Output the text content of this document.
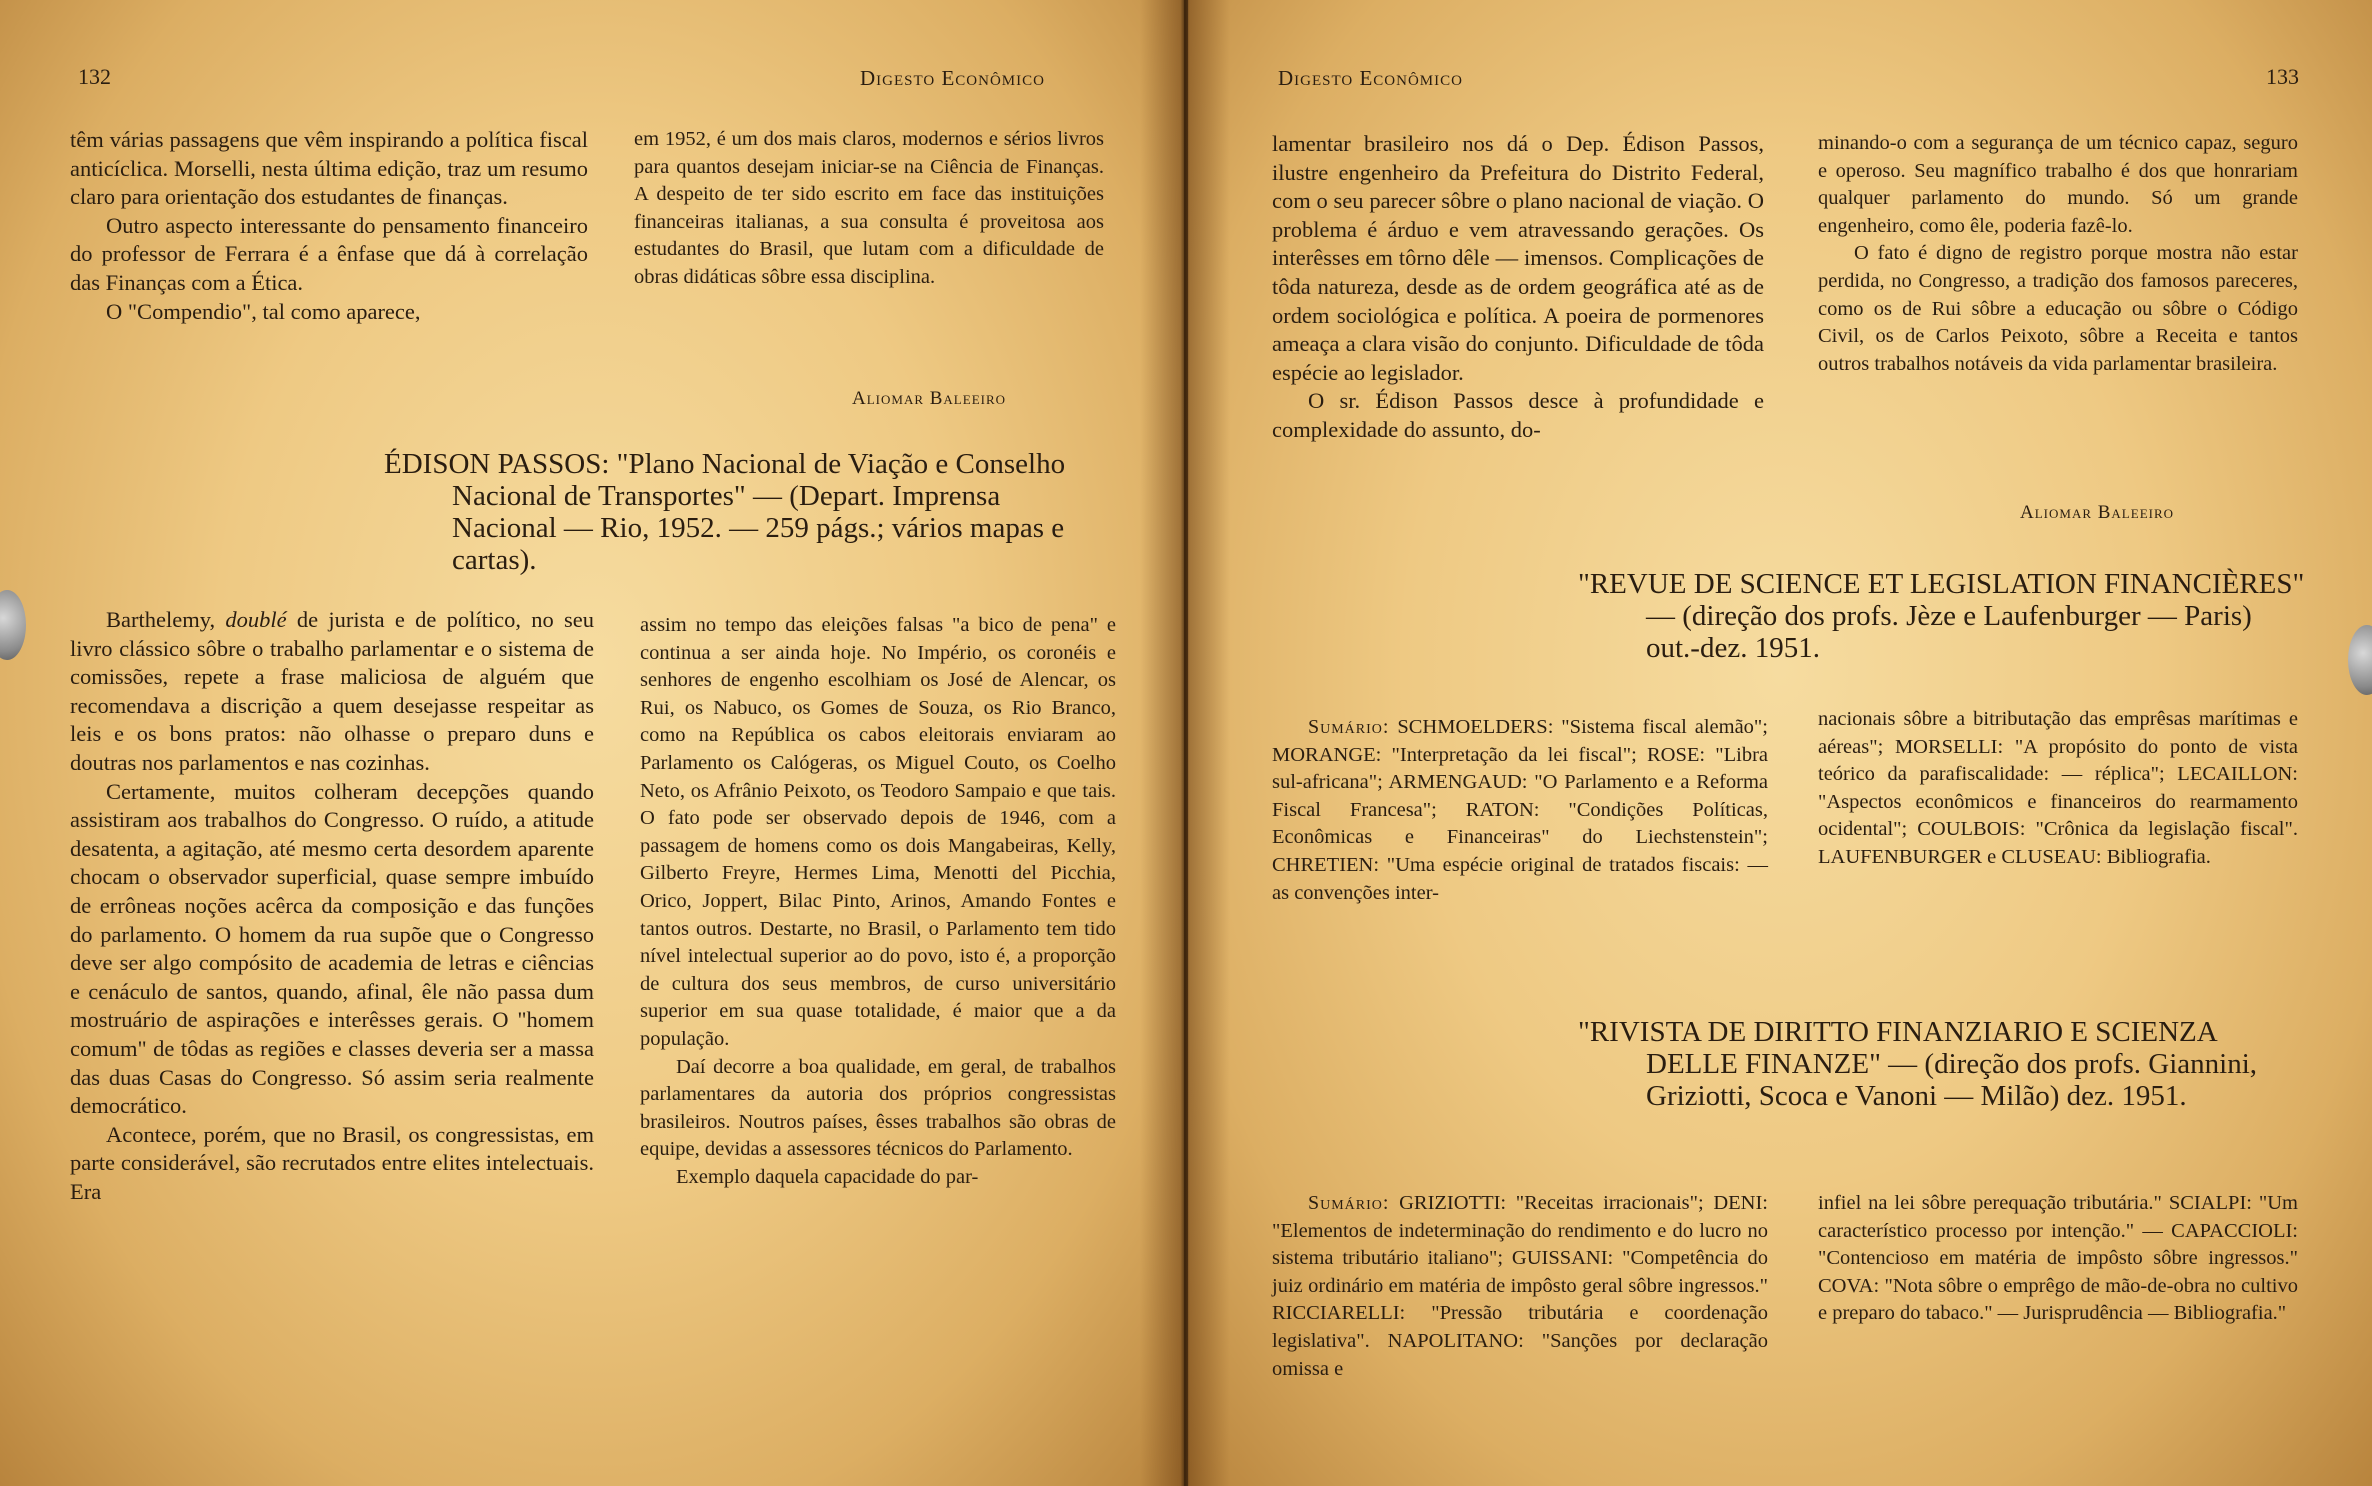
132	Digesto Econômico

têm várias passagens que vêm inspirando a política fiscal anticíclica. Morselli, nesta última edição, traz um resumo claro para orientação dos estudantes de finanças.

Outro aspecto interessante do pensamento financeiro do professor de Ferrara é a ênfase que dá à correlação das Finanças com a Ética.

O "Compendio", tal como aparece,

em 1952, é um dos mais claros, modernos e sérios livros para quantos desejam iniciar-se na Ciência de Finanças. A despeito de ter sido escrito em face das instituições financeiras italianas, a sua consulta é proveitosa aos estudantes do Brasil, que lutam com a dificuldade de obras didáticas sôbre essa disciplina.

Aliomar Baleeiro
ÉDISON PASSOS: "Plano Nacional de Viação e Conselho Nacional de Transportes" — (Depart. Imprensa Nacional — Rio, 1952. — 259 págs.; vários mapas e cartas).

Barthelemy, doublé de jurista e de político, no seu livro clássico sôbre o trabalho parlamentar e o sistema de comissões, repete a frase maliciosa de alguém que recomendava a discrição a quem desejasse respeitar as leis e os bons pratos: não olhasse o preparo duns e doutras nos parlamentos e nas cozinhas.

Certamente, muitos colheram decepções quando assistiram aos trabalhos do Congresso. O ruído, a atitude desatenta, a agitação, até mesmo certa desordem aparente chocam o observador superficial, quase sempre imbuído de errôneas noções acêrca da composição e das funções do parlamento. O homem da rua supõe que o Congresso deve ser algo compósito de academia de letras e ciências e cenáculo de santos, quando, afinal, êle não passa dum mostruário de aspirações e interêsses gerais. O "homem comum" de tôdas as regiões e classes deveria ser a massa das duas Casas do Congresso. Só assim seria realmente democrático.

Acontece, porém, que no Brasil, os congressistas, em parte considerável, são recrutados entre elites intelectuais. Era

assim no tempo das eleições falsas "a bico de pena" e continua a ser ainda hoje. No Império, os coronéis e senhores de engenho escolhiam os José de Alencar, os Rui, os Nabuco, os Gomes de Souza, os Rio Branco, como na República os cabos eleitorais enviaram ao Parlamento os Calógeras, os Miguel Couto, os Coelho Neto, os Afrânio Peixoto, os Teodoro Sampaio e que tais. O fato pode ser observado depois de 1946, com a passagem de homens como os dois Mangabeiras, Kelly, Gilberto Freyre, Hermes Lima, Menotti del Picchia, Orico, Joppert, Bilac Pinto, Arinos, Amando Fontes e tantos outros. Destarte, no Brasil, o Parlamento tem tido nível intelectual superior ao do povo, isto é, a proporção de cultura dos seus membros, de curso universitário superior em sua quase totalidade, é maior que a da população.

Daí decorre a boa qualidade, em geral, de trabalhos parlamentares da autoria dos próprios congressistas brasileiros. Noutros países, êsses trabalhos são obras de equipe, devidas a assessores técnicos do Parlamento.

Exemplo daquela capacidade do par-

Digesto Econômico	133

lamentar brasileiro nos dá o Dep. Édison Passos, ilustre engenheiro da Prefeitura do Distrito Federal, com o seu parecer sôbre o plano nacional de viação. O problema é árduo e vem atravessando gerações. Os interêsses em tôrno dêle — imensos. Complicações de tôda natureza, desde as de ordem geográfica até as de ordem sociológica e política. A poeira de pormenores ameaça a clara visão do conjunto. Dificuldade de tôda espécie ao legislador.

O sr. Édison Passos desce à profundidade e complexidade do assunto, do-

minando-o com a segurança de um técnico capaz, seguro e operoso. Seu magnífico trabalho é dos que honrariam qualquer parlamento do mundo. Só um grande engenheiro, como êle, poderia fazê-lo.

O fato é digno de registro porque mostra não estar perdida, no Congresso, a tradição dos famosos pareceres, como os de Rui sôbre a educação ou sôbre o Código Civil, os de Carlos Peixoto, sôbre a Receita e tantos outros trabalhos notáveis da vida parlamentar brasileira.

Aliomar Baleeiro
"REVUE DE SCIENCE ET LEGISLATION FINANCIÈRES" — (direção dos profs. Jèze e Laufenburger — Paris) out.-dez. 1951.

Sumário: SCHMOELDERS: "Sistema fiscal alemão"; MORANGE: "Interpretação da lei fiscal"; ROSE: "Libra sul-africana"; ARMENGAUD: "O Parlamento e a Reforma Fiscal Francesa"; RATON: "Condições Políticas, Econômicas e Financeiras" do Liechstenstein"; CHRETIEN: "Uma espécie original de tratados fiscais: — as convenções inter-

nacionais sôbre a bitributação das emprêsas marítimas e aéreas"; MORSELLI: "A propósito do ponto de vista teórico da parafiscalidade: — réplica"; LECAILLON: "Aspectos econômicos e financeiros do rearmamento ocidental"; COULBOIS: "Crônica da legislação fiscal". LAUFENBURGER e CLUSEAU: Bibliografia.

"RIVISTA DE DIRITTO FINANZIARIO E SCIENZA DELLE FINANZE" — (direção dos profs. Giannini, Griziotti, Scoca e Vanoni — Milão) dez. 1951.

Sumário: GRIZIOTTI: "Receitas irracionais"; DENI: "Elementos de indeterminação do rendimento e do lucro no sistema tributário italiano"; GUISSANI: "Competência do juiz ordinário em matéria de impôsto geral sôbre ingressos." RICCIARELLI: "Pressão tributária e coordenação legislativa". NAPOLITANO: "Sanções por declaração omissa e

infiel na lei sôbre perequação tributária." SCIALPI: "Um característico processo por intenção." — CAPACCIOLI: "Contencioso em matéria de impôsto sôbre ingressos." COVA: "Nota sôbre o emprêgo de mão-de-obra no cultivo e preparo do tabaco." — Jurisprudência — Bibliografia."
